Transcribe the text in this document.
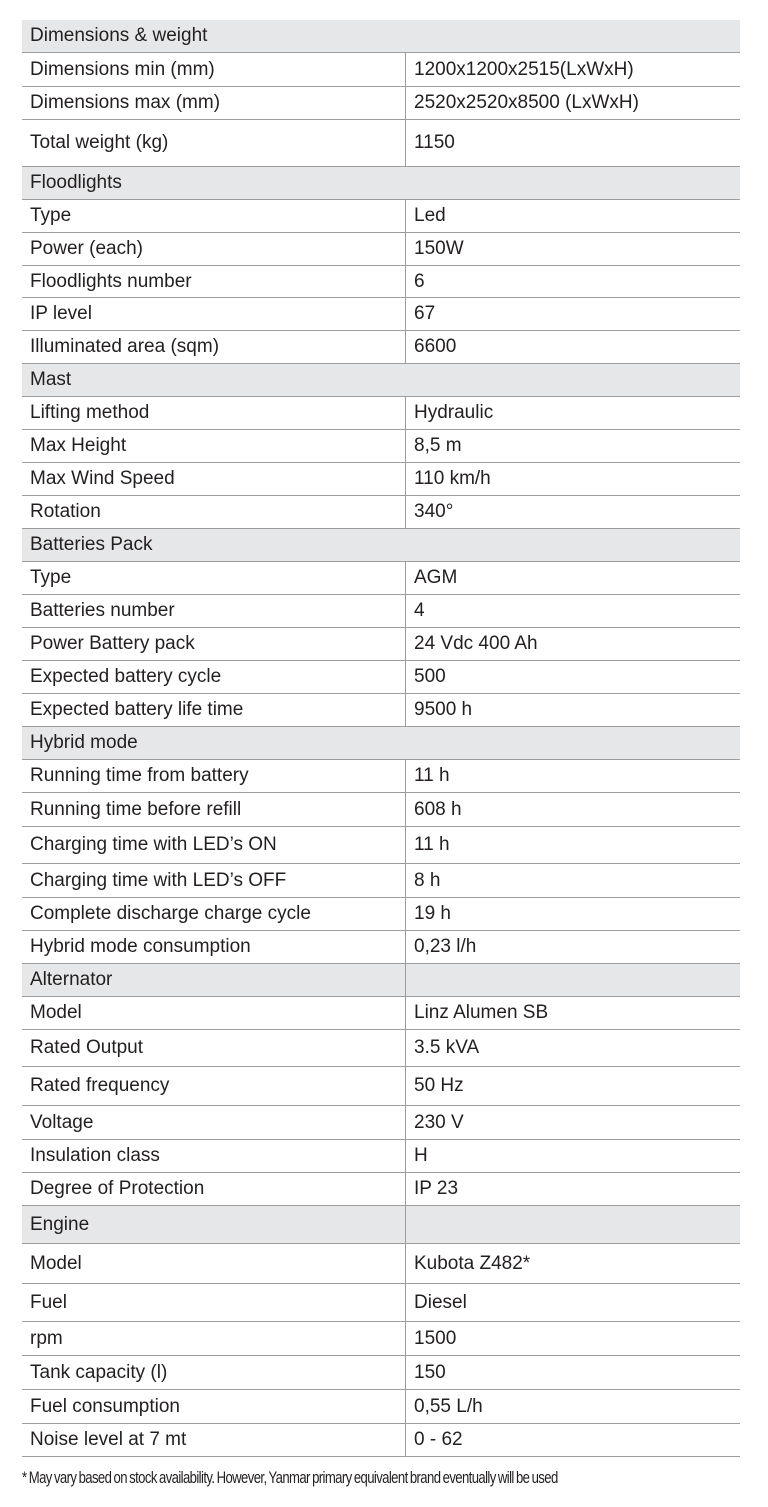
Dimensions & weight
Dimensions min (mm)	1200x1200x2515(LxWxH)
Dimensions max (mm)	2520x2520x8500 (LxWxH)
Total weight (kg)	1150
Floodlights
Type	Led
Power (each)	150W
Floodlights number	6
IP level	67
Illuminated area (sqm)	6600
Mast
Lifting method	Hydraulic
Max Height	8,5 m
Max Wind Speed	110 km/h
Rotation	340°
Batteries Pack
Type	AGM
Batteries number	4
Power Battery pack	24 Vdc 400 Ah
Expected battery cycle	500
Expected battery life time	9500 h
Hybrid mode
Running time from battery	11 h
Running time before refill	608 h
Charging time with LED’s ON	11 h
Charging time with LED’s OFF	8 h
Complete discharge charge cycle	19 h
Hybrid mode consumption	0,23 l/h
Alternator
Model	Linz Alumen SB
Rated Output	3.5 kVA
Rated frequency	50 Hz
Voltage	230 V
Insulation class	H
Degree of Protection	IP 23
Engine
Model	Kubota Z482*
Fuel	Diesel
rpm	1500
Tank capacity (l)	150
Fuel consumption	0,55 L/h
Noise level at 7 mt	0 - 62
* May vary based on stock availability. However, Yanmar primary equivalent brand eventually will be used
